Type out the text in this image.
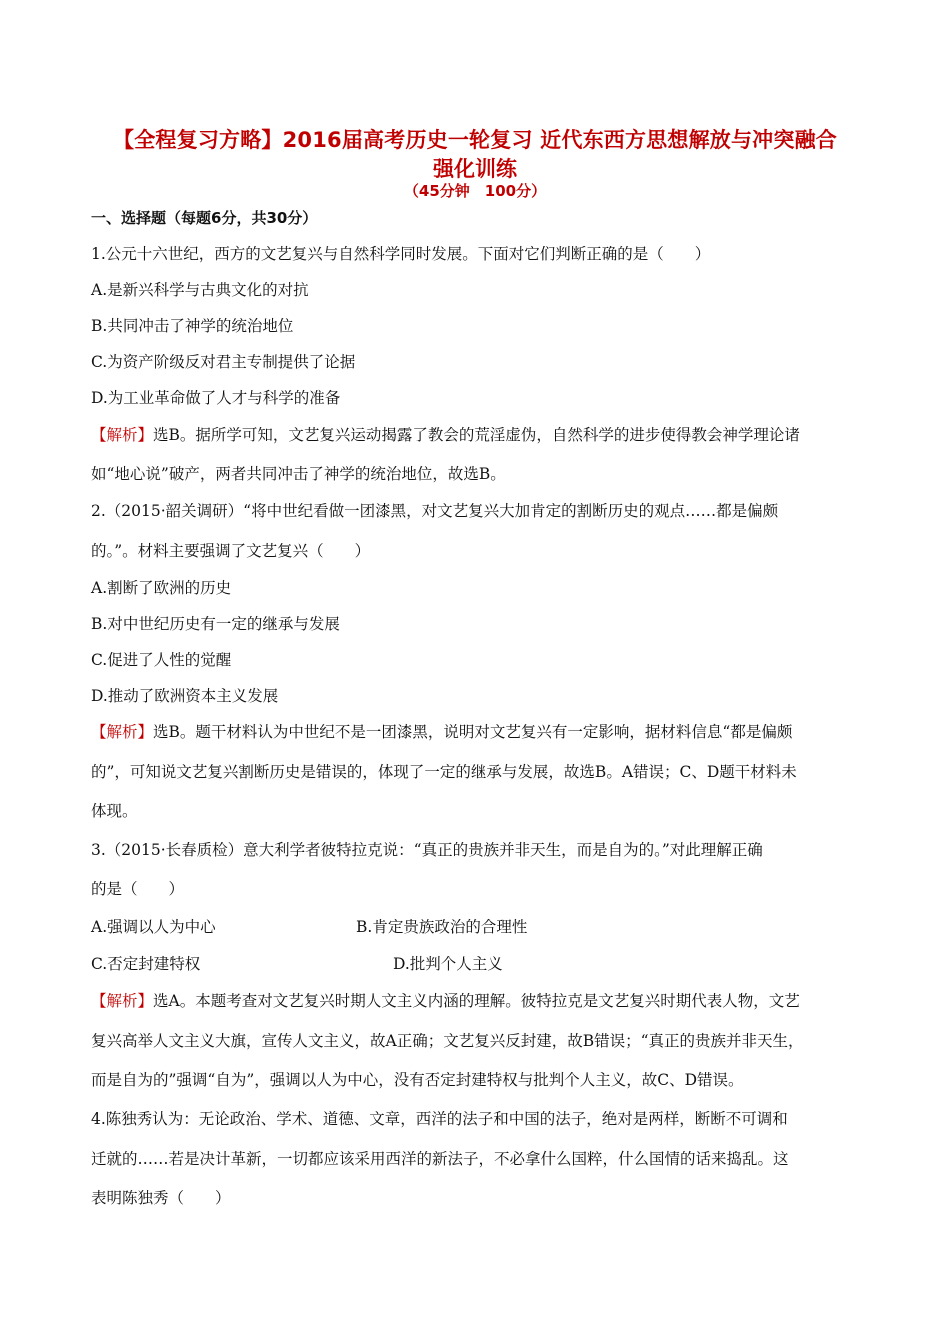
【全程复习方略】2016届高考历史一轮复习 近代东西方思想解放与冲突融合
强化训练
（45分钟　100分）
一、选择题（每题6分，共30分）
1.公元十六世纪，西方的文艺复兴与自然科学同时发展。下面对它们判断正确的是（　　）
A.是新兴科学与古典文化的对抗
B.共同冲击了神学的统治地位
C.为资产阶级反对君主专制提供了论据
D.为工业革命做了人才与科学的准备
【解析】选B。据所学可知，文艺复兴运动揭露了教会的荒淫虚伪，自然科学的进步使得教会神学理论诸
如“地心说”破产，两者共同冲击了神学的统治地位，故选B。
2.（2015·韶关调研）“将中世纪看做一团漆黑，对文艺复兴大加肯定的割断历史的观点……都是偏颇
的。”。材料主要强调了文艺复兴（　　）
A.割断了欧洲的历史
B.对中世纪历史有一定的继承与发展
C.促进了人性的觉醒
D.推动了欧洲资本主义发展
【解析】选B。题干材料认为中世纪不是一团漆黑，说明对文艺复兴有一定影响，据材料信息“都是偏颇
的”，可知说文艺复兴割断历史是错误的，体现了一定的继承与发展，故选B。A错误；C、D题干材料未
体现。
3.（2015·长春质检）意大利学者彼特拉克说：“真正的贵族并非天生，而是自为的。”对此理解正确
的是（　　）
A.强调以人为中心	B.肯定贵族政治的合理性
C.否定封建特权	D.批判个人主义
【解析】选A。本题考查对文艺复兴时期人文主义内涵的理解。彼特拉克是文艺复兴时期代表人物，文艺
复兴高举人文主义大旗，宣传人文主义，故A正确；文艺复兴反封建，故B错误；“真正的贵族并非天生，
而是自为的”强调“自为”，强调以人为中心，没有否定封建特权与批判个人主义，故C、D错误。
4.陈独秀认为：无论政治、学术、道德、文章，西洋的法子和中国的法子，绝对是两样，断断不可调和
迁就的……若是决计革新，一切都应该采用西洋的新法子，不必拿什么国粹，什么国情的话来捣乱。这
表明陈独秀（　　）
